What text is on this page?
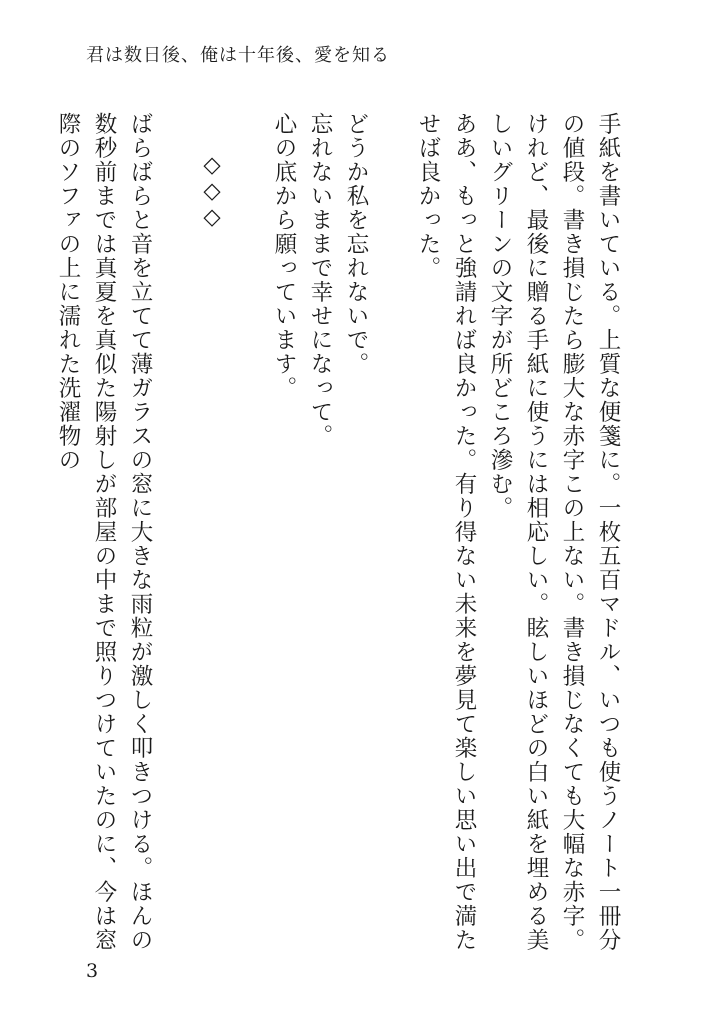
君は数日後、俺は十年後、愛を知る

手紙を書いている。上質な便箋に。一枚五百マドル、いつも使うノート一冊分の値段。書き損じたら膨大な赤字この上ない。書き損じなくても大幅な赤字。けれど、最後に贈る手紙に使うには相応しい。眩しいほどの白い紙を埋める美しいグリーンの文字が所どころ滲む。

ああ、もっと強請れば良かった。有り得ない未来を夢見て楽しい思い出で満たせば良かった。

どうか私を忘れないで。

忘れないままで幸せになって。

心の底から願っています。

◇◇◇

ばらばらと音を立てて薄ガラスの窓に大きな雨粒が激しく叩きつける。ほんの数秒前までは真夏を真似た陽射しが部屋の中まで照りつけていたのに、今は窓際のソファの上に濡れた洗濯物の

3
